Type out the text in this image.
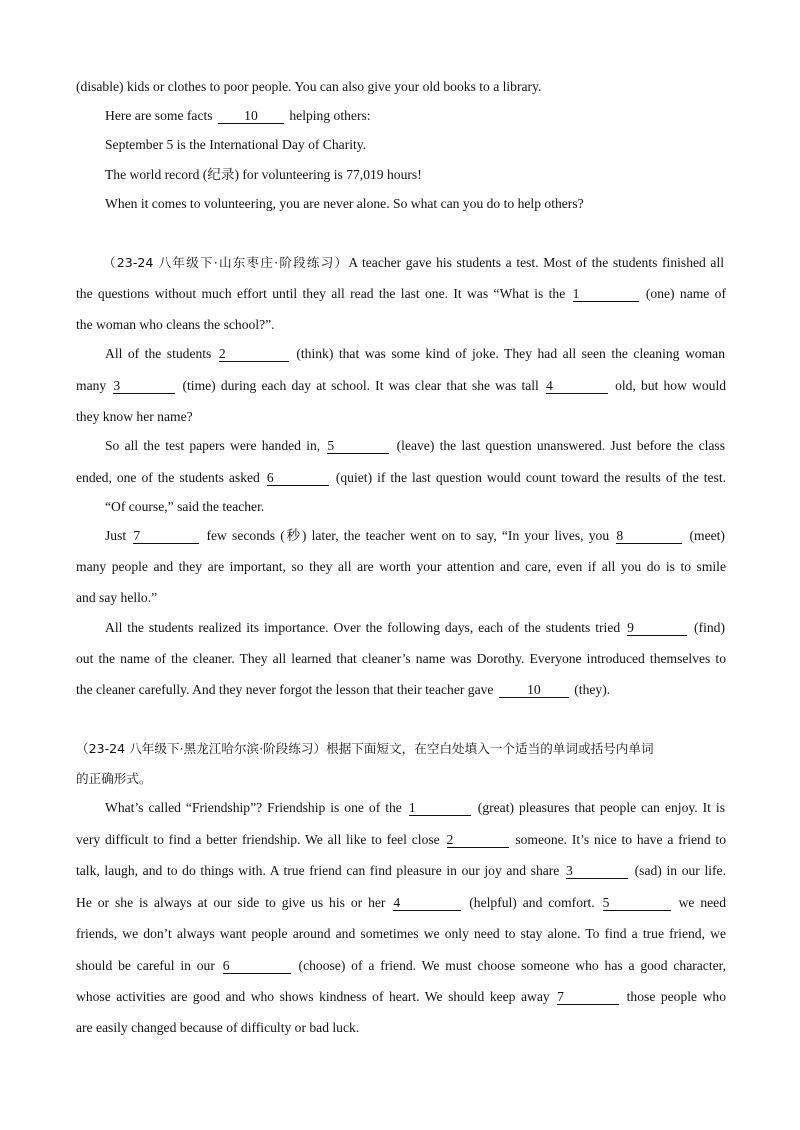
(disable) kids or clothes to poor people. You can also give your old books to a library.
Here are some facts 10 helping others:
September 5 is the International Day of Charity.
The world record (纪录) for volunteering is 77,019 hours!
When it comes to volunteering, you are never alone. So what can you do to help others?
（23-24 八年级下·山东枣庄·阶段练习）A teacher gave his students a test. Most of the students finished all
the questions without much effort until they all read the last one. It was “What is the 1	(one) name of
the woman who cleans the school?”.
All of the students 2	(think) that was some kind of joke. They had all seen the cleaning woman
many 3	(time) during each day at school. It was clear that she was tall 4	old, but how would
they know her name?
So all the test papers were handed in, 5	(leave) the last question unanswered. Just before the class
ended, one of the students asked 6	(quiet) if the last question would count toward the results of the test.
“Of course,” said the teacher.
Just 7	few seconds (秒) later, the teacher went on to say, “In your lives, you 8	(meet)
many people and they are important, so they all are worth your attention and care, even if all you do is to smile
and say hello.”
All the students realized its importance. Over the following days, each of the students tried 9	(find)
out the name of the cleaner. They all learned that cleaner’s name was Dorothy. Everyone introduced themselves to
the cleaner carefully. And they never forgot the lesson that their teacher gave 10 (they).
（23-24 八年级下·黑龙江哈尔滨·阶段练习）根据下面短文，在空白处填入一个适当的单词或括号内单词
的正确形式。
What’s called “Friendship”? Friendship is one of the 1	(great) pleasures that people can enjoy. It is
very difficult to find a better friendship. We all like to feel close 2	someone. It’s nice to have a friend to
talk, laugh, and to do things with. A true friend can find pleasure in our joy and share 3	(sad) in our life.
He or she is always at our side to give us his or her 4	(helpful) and comfort. 5	we need
friends, we don’t always want people around and sometimes we only need to stay alone. To find a true friend, we
should be careful in our 6	(choose) of a friend. We must choose someone who has a good character,
whose activities are good and who shows kindness of heart. We should keep away 7	those people who
are easily changed because of difficulty or bad luck.
